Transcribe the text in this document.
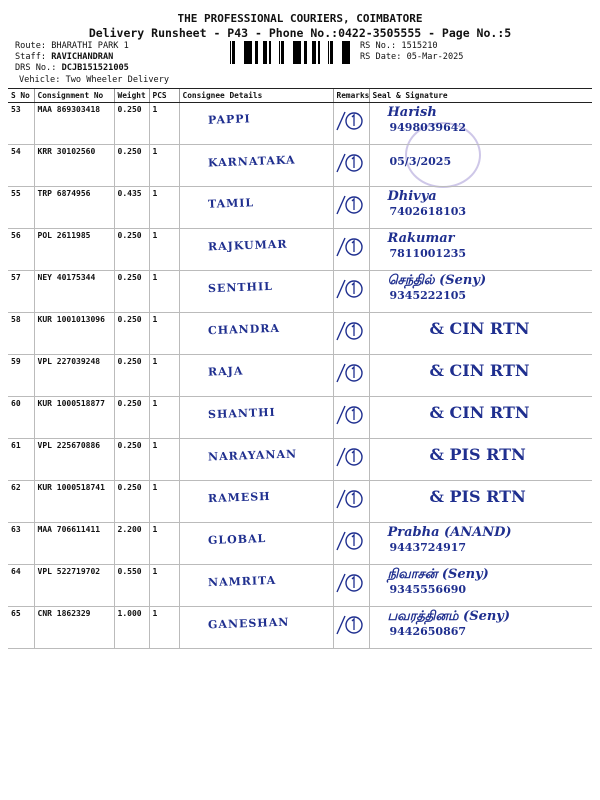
THE PROFESSIONAL COURIERS, COIMBATORE
Delivery Runsheet - P43 - Phone No.:0422-3505555 - Page No.:5
Route: BHARATHI PARK 1
Staff: RAVICHANDRAN
DRS No.: DCJB151521005
Vehicle: Two Wheeler Delivery
RS No.: 1515210
RS Date: 05-Mar-2025
S No	Consignment No	Weight	PCS	Consignee Details	Remarks	Seal & Signature
53	MAA 869303418	0.250	1	PAPPI		Harish
9498039642

54	KRR 30102560	0.250	1	KARNATAKA		05/3/2025

55	TRP 6874956	0.435	1	TAMIL		Dhivya
7402618103

56	POL 2611985	0.250	1	RAJKUMAR		Rakumar
7811001235

57	NEY 40175344	0.250	1	SENTHIL		செந்தில் (Seny)
9345222105

58	KUR 1001013096	0.250	1	CHANDRA		& CIN RTN

59	VPL 227039248	0.250	1	RAJA		& CIN RTN

60	KUR 1000518877	0.250	1	SHANTHI		& CIN RTN

61	VPL 225670886	0.250	1	NARAYANAN		& PIS RTN

62	KUR 1000518741	0.250	1	RAMESH		& PIS RTN

63	MAA 706611411	2.200	1	GLOBAL		Prabha (ANAND)
9443724917

64	VPL 522719702	0.550	1	NAMRITA		நிவாசன் (Seny)
9345556690

65	CNR 1862329	1.000	1	GANESHAN		பவரத்தினம் (Seny)
9442650867
